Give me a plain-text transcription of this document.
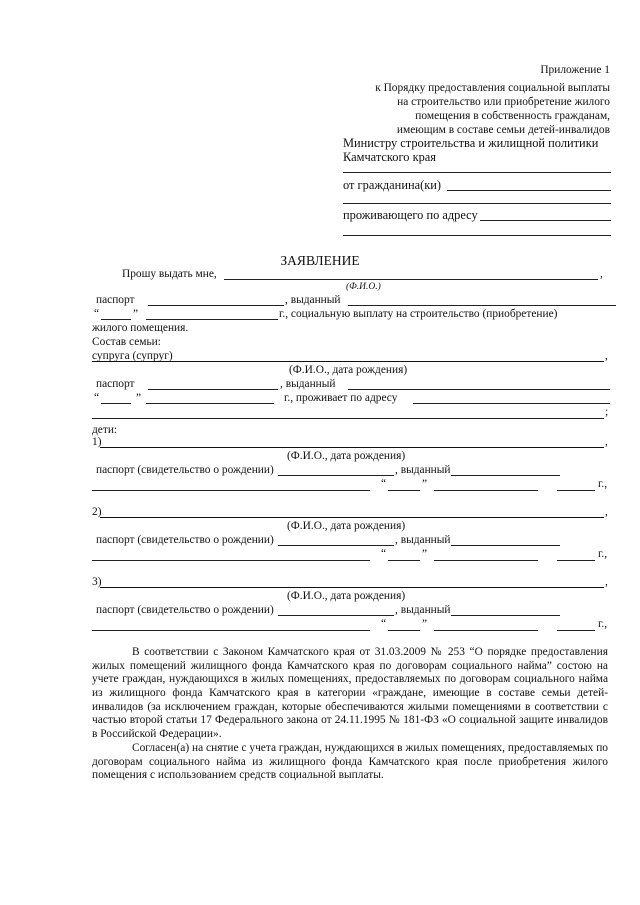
Приложение 1
к Порядку предоставления социальной выплаты
на строительство или приобретение жилого
помещения в собственность гражданам,
имеющим в составе семьи детей-инвалидов
Министру строительства и жилищной политики
Камчатского края
от гражданина(ки)
проживающего по адресу
ЗАЯВЛЕНИЕ
Прошу выдать мне,	,
(Ф.И.О.)
паспорт	, выданный
“	”	г., социальную выплату на строительство (приобретение)
жилого помещения.
Состав семьи:
супруга (супруг)	,
(Ф.И.О., дата рождения)
паспорт	, выданный
“	”	г., проживает по адресу
;
дети:
1)	,
(Ф.И.О., дата рождения)
паспорт (свидетельство о рождении)	, выданный
“	”	г.,
2)	,
(Ф.И.О., дата рождения)
паспорт (свидетельство о рождении)	, выданный
“	”	г.,
3)	,
(Ф.И.О., дата рождения)
паспорт (свидетельство о рождении)	, выданный
“	”	г.,

В соответствии с Законом Камчатского края от 31.03.2009 № 253 “О порядке предоставления жилых помещений жилищного фонда Камчатского края по договорам социального найма” состою на учете граждан, нуждающихся в жилых помещениях, предоставляемых по договорам социального найма из жилищного фонда Камчатского края в категории «граждане, имеющие в составе семьи детей-инвалидов (за исключением граждан, которые обеспечиваются жилыми помещениями в соответствии с частью второй статьи 17 Федерального закона от 24.11.1995 № 181-ФЗ «О социальной защите инвалидов в Российской Федерации».

Согласен(а) на снятие с учета граждан, нуждающихся в жилых помещениях, предоставляемых по договорам социального найма из жилищного фонда Камчатского края после приобретения жилого помещения с использованием средств социальной выплаты.
